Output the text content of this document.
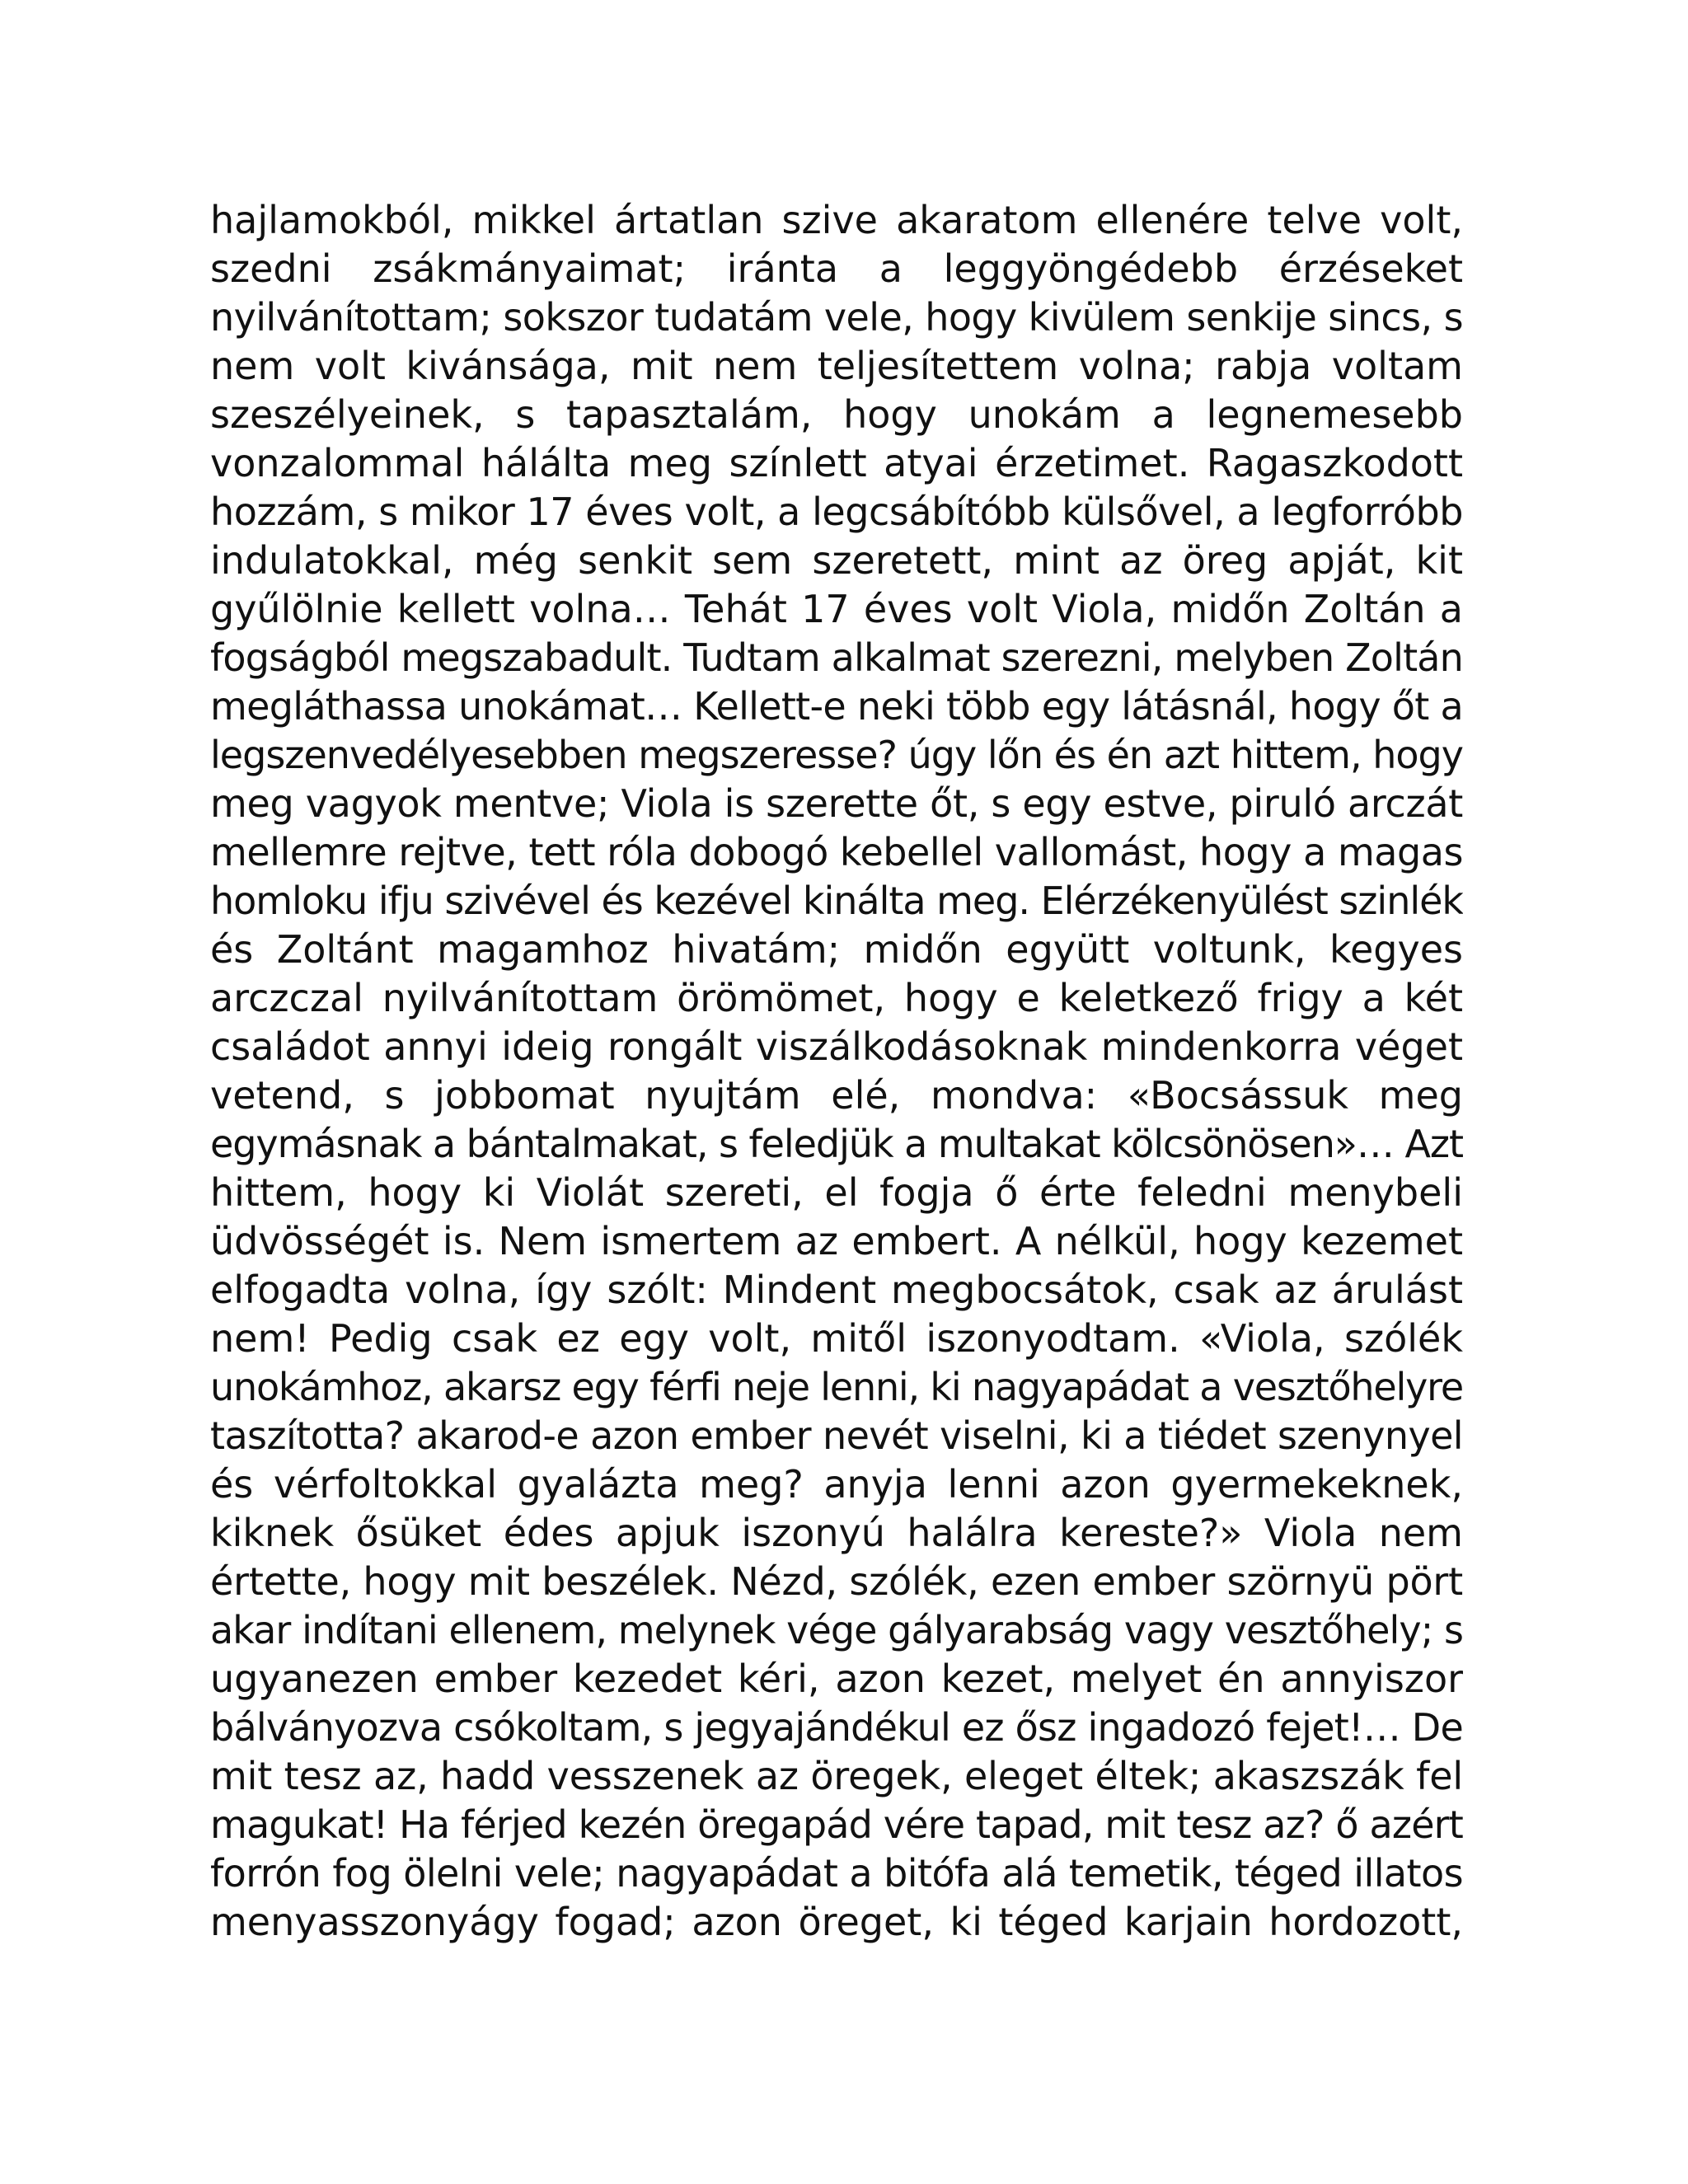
hajlamokból, mikkel ártatlan szive akaratom ellenére telve volt,
szedni zsákmányaimat; iránta a leggyöngédebb érzéseket
nyilvánítottam; sokszor tudatám vele, hogy kivülem senkije sincs, s
nem volt kivánsága, mit nem teljesítettem volna; rabja voltam
szeszélyeinek, s tapasztalám, hogy unokám a legnemesebb
vonzalommal hálálta meg színlett atyai érzetimet. Ragaszkodott
hozzám, s mikor 17 éves volt, a legcsábítóbb külsővel, a legforróbb
indulatokkal, még senkit sem szeretett, mint az öreg apját, kit
gyűlölnie kellett volna… Tehát 17 éves volt Viola, midőn Zoltán a
fogságból megszabadult. Tudtam alkalmat szerezni, melyben Zoltán
megláthassa unokámat… Kellett-e neki több egy látásnál, hogy őt a
legszenvedélyesebben megszeresse? úgy lőn és én azt hittem, hogy
meg vagyok mentve; Viola is szerette őt, s egy estve, piruló arczát
mellemre rejtve, tett róla dobogó kebellel vallomást, hogy a magas
homloku ifju szivével és kezével kinálta meg. Elérzékenyülést szinlék
és Zoltánt magamhoz hivatám; midőn együtt voltunk, kegyes
arczczal nyilvánítottam örömömet, hogy e keletkező frigy a két
családot annyi ideig rongált viszálkodásoknak mindenkorra véget
vetend, s jobbomat nyujtám elé, mondva: «Bocsássuk meg
egymásnak a bántalmakat, s feledjük a multakat kölcsönösen»… Azt
hittem, hogy ki Violát szereti, el fogja ő érte feledni menybeli
üdvösségét is. Nem ismertem az embert. A nélkül, hogy kezemet
elfogadta volna, így szólt: Mindent megbocsátok, csak az árulást
nem! Pedig csak ez egy volt, mitől iszonyodtam. «Viola, szólék
unokámhoz, akarsz egy férfi neje lenni, ki nagyapádat a vesztőhelyre
taszította? akarod-e azon ember nevét viselni, ki a tiédet szenynyel
és vérfoltokkal gyalázta meg? anyja lenni azon gyermekeknek,
kiknek ősüket édes apjuk iszonyú halálra kereste?» Viola nem
értette, hogy mit beszélek. Nézd, szólék, ezen ember szörnyü pört
akar indítani ellenem, melynek vége gályarabság vagy vesztőhely; s
ugyanezen ember kezedet kéri, azon kezet, melyet én annyiszor
bálványozva csókoltam, s jegyajándékul ez ősz ingadozó fejet!… De
mit tesz az, hadd vesszenek az öregek, eleget éltek; akaszszák fel
magukat! Ha férjed kezén öregapád vére tapad, mit tesz az? ő azért
forrón fog ölelni vele; nagyapádat a bitófa alá temetik, téged illatos
menyasszonyágy fogad; azon öreget, ki téged karjain hordozott,
